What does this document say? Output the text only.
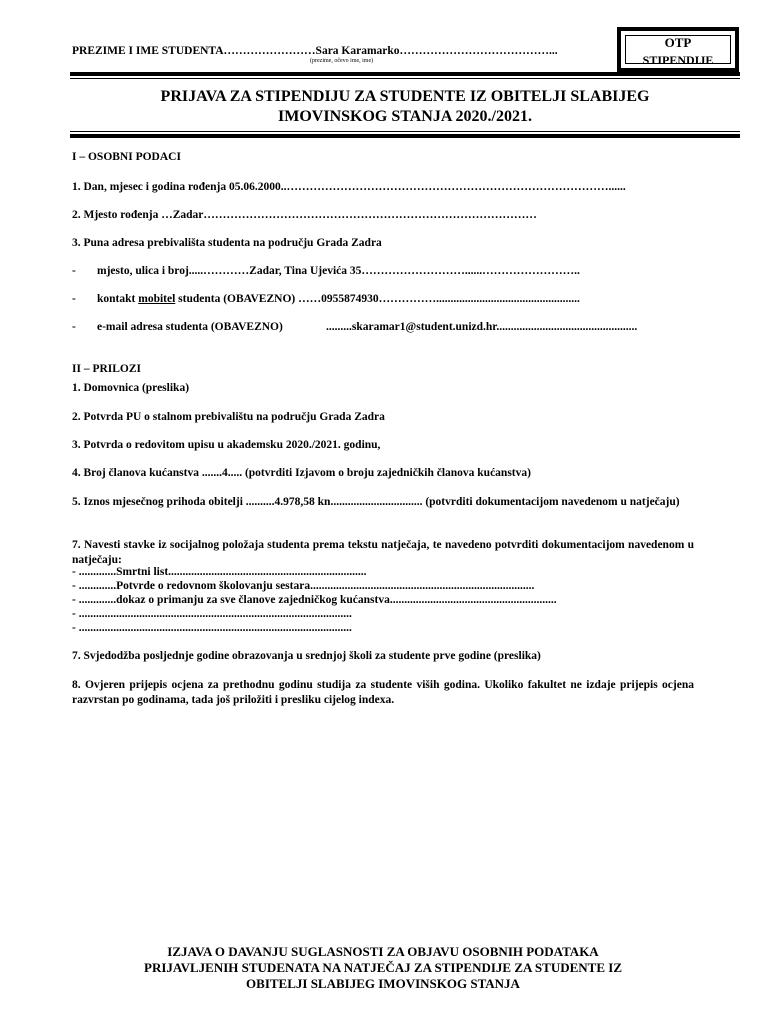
PREZIME I IME STUDENTA……………………Sara Karamarko…………………………………...
(prezime, očevo ime, ime)
OTP
STIPENDIJE
PRIJAVA ZA STIPENDIJU ZA STUDENTE IZ OBITELJI SLABIJEG
IMOVINSKOG STANJA 2020./2021.
I – OSOBNI PODACI
1. Dan, mjesec i godina rođenja 05.06.2000..…………………………………………………………………………......
2. Mjesto rođenja …Zadar……………………………………………………………………………
3. Puna adresa prebivališta studenta na području Grada Zadra
- mjesto, ulica i broj.....…………Zadar, Tina Ujevića 35………………………......……………………..
- kontakt mobitel studenta (OBAVEZNO) ……0955874930……………..................................................
- e-mail adresa studenta (OBAVEZNO)	.........skaramar1@student.unizd.hr.................................................
II – PRILOZI
1. Domovnica (preslika)
2. Potvrda PU o stalnom prebivalištu na području Grada Zadra
3. Potvrda o redovitom upisu u akademsku 2020./2021. godinu,
4. Broj članova kućanstva .......4..... (potvrditi Izjavom o broju zajedničkih članova kućanstva)
5. Iznos mjesečnog prihoda obitelji ..........4.978,58 kn................................ (potvrditi dokumentacijom navedenom u natječaju)
7. Navesti stavke iz socijalnog položaja studenta prema tekstu natječaja, te navedeno potvrditi dokumentacijom navedenom u natječaju:
- .............Smrtni list.....................................................................
- .............Potvrde o redovnom školovanju sestara..............................................................................
- .............dokaz o primanju za sve članove zajedničkog kućanstva..........................................................
- ...............................................................................................
- ...............................................................................................
7. Svjedodžba posljednje godine obrazovanja u srednjoj školi za studente prve godine (preslika)
8. Ovjeren prijepis ocjena za prethodnu godinu studija za studente viših godina. Ukoliko fakultet ne izdaje prijepis ocjena razvrstan po godinama, tada još priložiti i presliku cijelog indexa.
IZJAVA O DAVANJU SUGLASNOSTI ZA OBJAVU OSOBNIH PODATAKA
PRIJAVLJENIH STUDENATA NA NATJEČAJ ZA STIPENDIJE ZA STUDENTE IZ
OBITELJI SLABIJEG IMOVINSKOG STANJA
